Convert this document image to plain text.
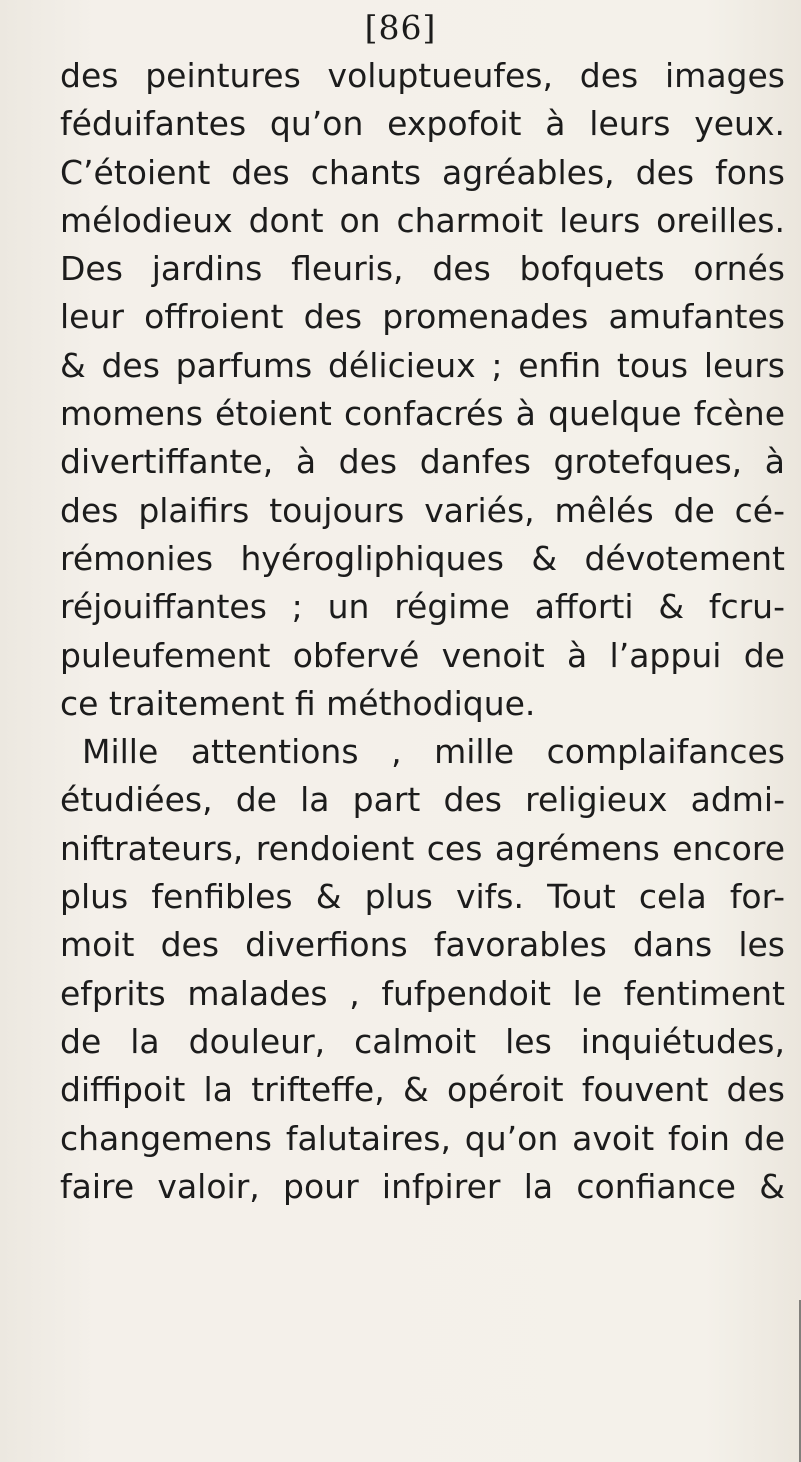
[86]
des peintures voluptueufes, des images
féduifantes qu’on expofoit à leurs yeux.
C’étoient des chants agréables, des fons
mélodieux dont on charmoit leurs oreilles.
Des jardins fleuris, des bofquets ornés
leur offroient des promenades amufantes
& des parfums délicieux ; enfin tous leurs
momens étoient confacrés à quelque fcène
divertiffante, à des danfes grotefques, à
des plaifirs toujours variés, mêlés de cé-
rémonies hyérogliphiques & dévotement
réjouiffantes ; un régime afforti & fcru-
puleufement obfervé venoit à l’appui de
ce traitement fi méthodique.
Mille attentions , mille complaifances
étudiées, de la part des religieux admi-
niftrateurs, rendoient ces agrémens encore
plus fenfibles & plus vifs. Tout cela for-
moit des diverfions favorables dans les
efprits malades , fufpendoit le fentiment
de la douleur, calmoit les inquiétudes,
diffipoit la trifteffe, & opéroit fouvent des
changemens falutaires, qu’on avoit foin de
faire valoir, pour infpirer la confiance &
